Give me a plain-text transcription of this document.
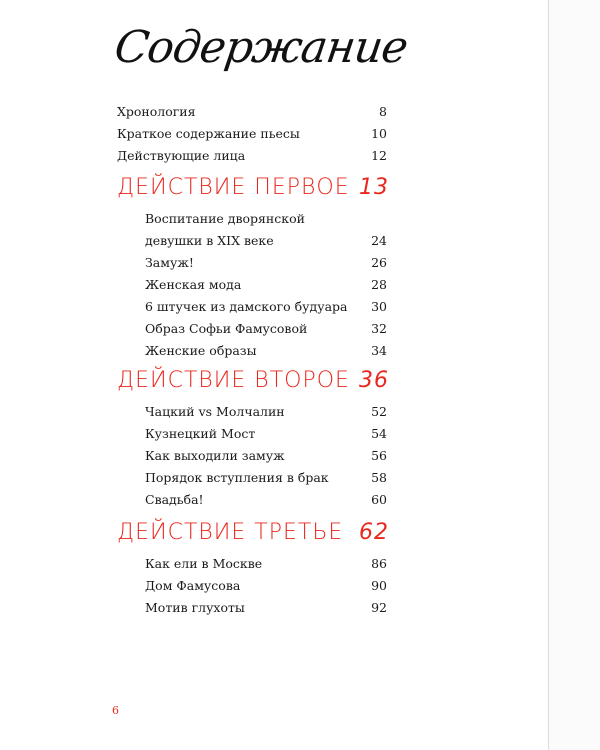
Содержание
Хронология	8
Краткое содержание пьесы	10
Действующие лица	12
ДЕЙСТВИЕ ПЕРВОЕ 13
Воспитание дворянской
девушки в XIX веке	24
Замуж!	26
Женская мода	28
6 штучек из дамского будуара 30
Образ Софьи Фамусовой	32
Женские образы	34
ДЕЙСТВИЕ ВТОРОЕ 36
Чацкий vs Молчалин	52
Кузнецкий Мост	54
Как выходили замуж	56
Порядок вступления в брак	58
Свадьба!	60
ДЕЙСТВИЕ ТРЕТЬЕ 62
Как ели в Москве	86
Дом Фамусова	90
Мотив глухоты	92
6
